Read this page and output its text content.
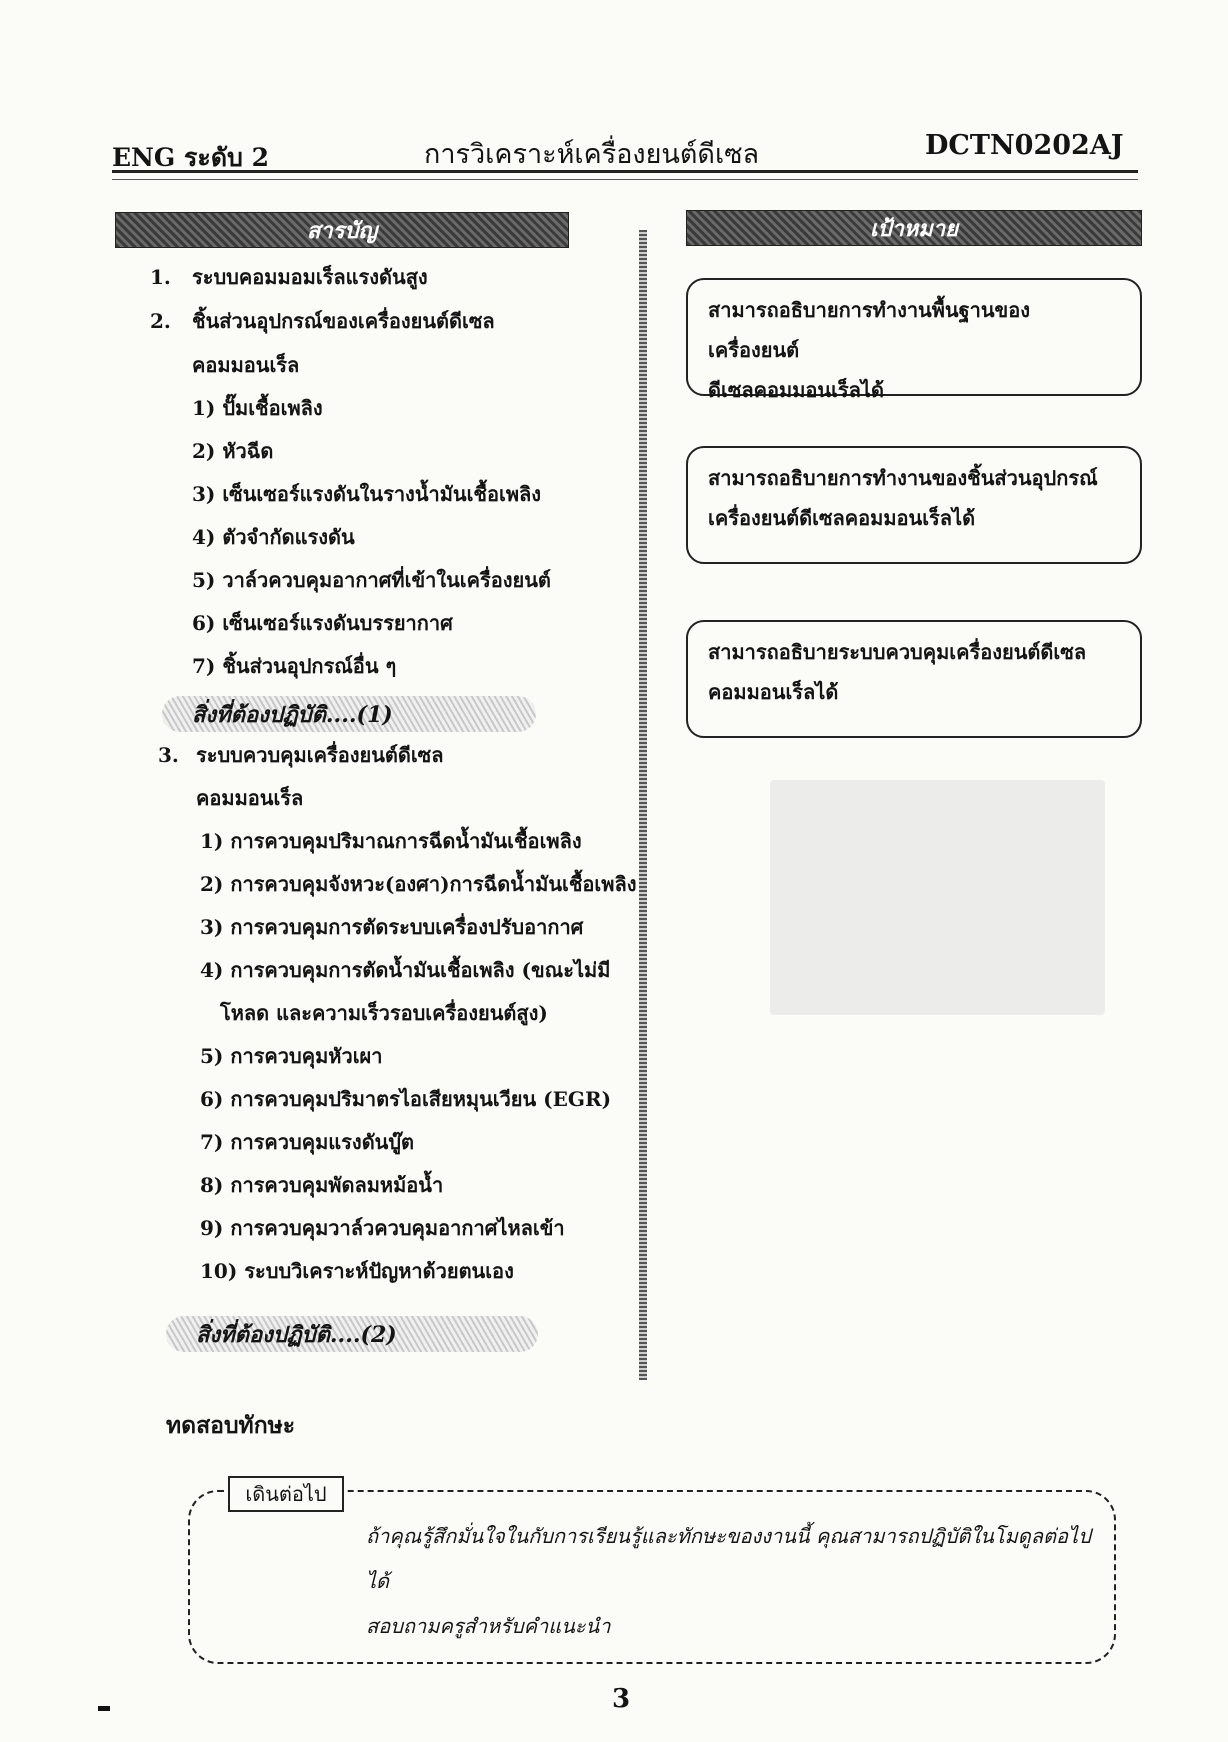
ENG ระดับ 2	การวิเคราะห์เครื่องยนต์ดีเซล	DCTN0202AJ
สารบัญ
1. ระบบคอมมอมเร็ลแรงดันสูง
2. ชิ้นส่วนอุปกรณ์ของเครื่องยนต์ดีเซล
คอมมอนเร็ล
1) ปั๊มเชื้อเพลิง
2) หัวฉีด
3) เซ็นเซอร์แรงดันในรางน้ำมันเชื้อเพลิง
4) ตัวจำกัดแรงดัน
5) วาล์วควบคุมอากาศที่เข้าในเครื่องยนต์
6) เซ็นเซอร์แรงดันบรรยากาศ
7) ชิ้นส่วนอุปกรณ์อื่น ๆ
สิ่งที่ต้องปฏิบัติ....(1)
3. ระบบควบคุมเครื่องยนต์ดีเซล
คอมมอนเร็ล
1) การควบคุมปริมาณการฉีดน้ำมันเชื้อเพลิง
2) การควบคุมจังหวะ(องศา)การฉีดน้ำมันเชื้อเพลิง
3) การควบคุมการตัดระบบเครื่องปรับอากาศ
4) การควบคุมการตัดน้ำมันเชื้อเพลิง (ขณะไม่มี
โหลด และความเร็วรอบเครื่องยนต์สูง)
5) การควบคุมหัวเผา
6) การควบคุมปริมาตรไอเสียหมุนเวียน (EGR)
7) การควบคุมแรงดันบู๊ต
8) การควบคุมพัดลมหม้อน้ำ
9) การควบคุมวาล์วควบคุมอากาศไหลเข้า
10) ระบบวิเคราะห์ปัญหาด้วยตนเอง
สิ่งที่ต้องปฏิบัติ....(2)
เป้าหมาย
สามารถอธิบายการทำงานพื้นฐานของเครื่องยนต์
ดีเซลคอมมอนเร็ลได้
สามารถอธิบายการทำงานของชิ้นส่วนอุปกรณ์
เครื่องยนต์ดีเซลคอมมอนเร็ลได้
สามารถอธิบายระบบควบคุมเครื่องยนต์ดีเซล
คอมมอนเร็ลได้
ทดสอบทักษะ
เดินต่อไป
ถ้าคุณรู้สึกมั่นใจในกับการเรียนรู้และทักษะของงานนี้ คุณสามารถปฏิบัติในโมดูลต่อไป
ได้
สอบถามครูสำหรับคำแนะนำ
3
